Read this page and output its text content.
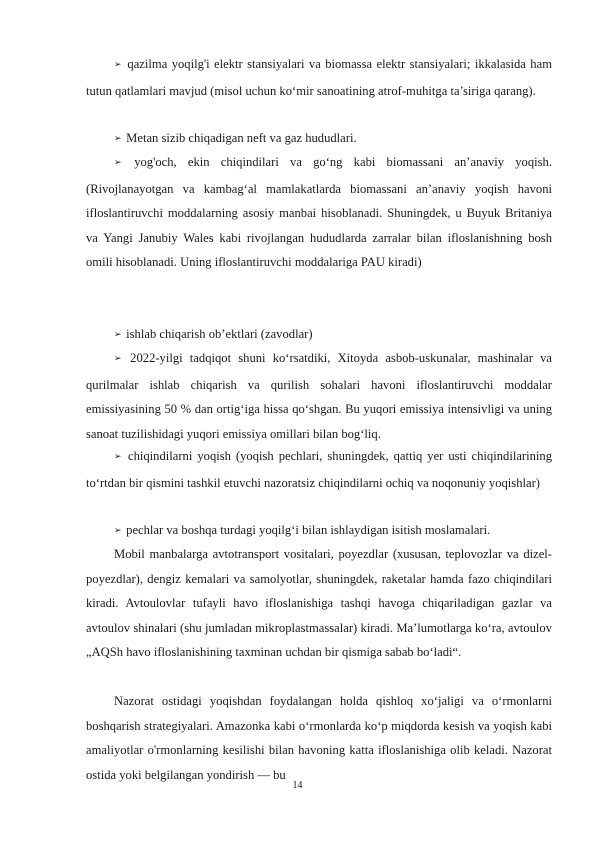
➢ qazilma yoqilg'i elektr stansiyalari va biomassa elektr stansiyalari; ikkalasida ham tutun qatlamlari mavjud (misol uchun ko‘mir sanoatining atrof-muhitga ta’siriga qarang).

➢ Metan sizib chiqadigan neft va gaz hududlari.

➢ yog'och, ekin chiqindilari va go‘ng kabi biomassani an’anaviy yoqish. (Rivojlanayotgan va kambag‘al mamlakatlarda biomassani an’anaviy yoqish havoni ifloslantiruvchi moddalarning asosiy manbai hisoblanadi. Shuningdek, u Buyuk Britaniya va Yangi Janubiy Wales kabi rivojlangan hududlarda zarralar bilan ifloslanishning bosh omili hisoblanadi. Uning ifloslantiruvchi moddalariga PAU kiradi)

➢ ishlab chiqarish ob’ektlari (zavodlar)

➢ 2022-yilgi tadqiqot shuni ko‘rsatdiki, Xitoyda asbob-uskunalar, mashinalar va qurilmalar ishlab chiqarish va qurilish sohalari havoni ifloslantiruvchi moddalar emissiyasining 50 % dan ortig‘iga hissa qo‘shgan. Bu yuqori emissiya intensivligi va uning sanoat tuzilishidagi yuqori emissiya omillari bilan bog‘liq.

➢ chiqindilarni yoqish (yoqish pechlari, shuningdek, qattiq yer usti chiqindilarining to‘rtdan bir qismini tashkil etuvchi nazoratsiz chiqindilarni ochiq va noqonuniy yoqishlar)

➢ pechlar va boshqa turdagi yoqilg‘i bilan ishlaydigan isitish moslamalari.

Mobil manbalarga avtotransport vositalari, poyezdlar (xususan, teplovozlar va dizel-poyezdlar), dengiz kemalari va samolyotlar, shuningdek, raketalar hamda fazo chiqindilari kiradi. Avtoulovlar tufayli havo ifloslanishiga tashqi havoga chiqariladigan gazlar va avtoulov shinalari (shu jumladan mikroplastmassalar) kiradi. Ma’lumotlarga ko‘ra, avtoulov „AQSh havo ifloslanishining taxminan uchdan bir qismiga sabab bo‘ladi“.

Nazorat ostidagi yoqishdan foydalangan holda qishloq xo‘jaligi va o‘rmonlarni boshqarish strategiyalari. Amazonka kabi o‘rmonlarda ko‘p miqdorda kesish va yoqish kabi amaliyotlar o'rmonlarning kesilishi bilan havoning katta ifloslanishiga olib keladi. Nazorat ostida yoki belgilangan yondirish — bu

14
